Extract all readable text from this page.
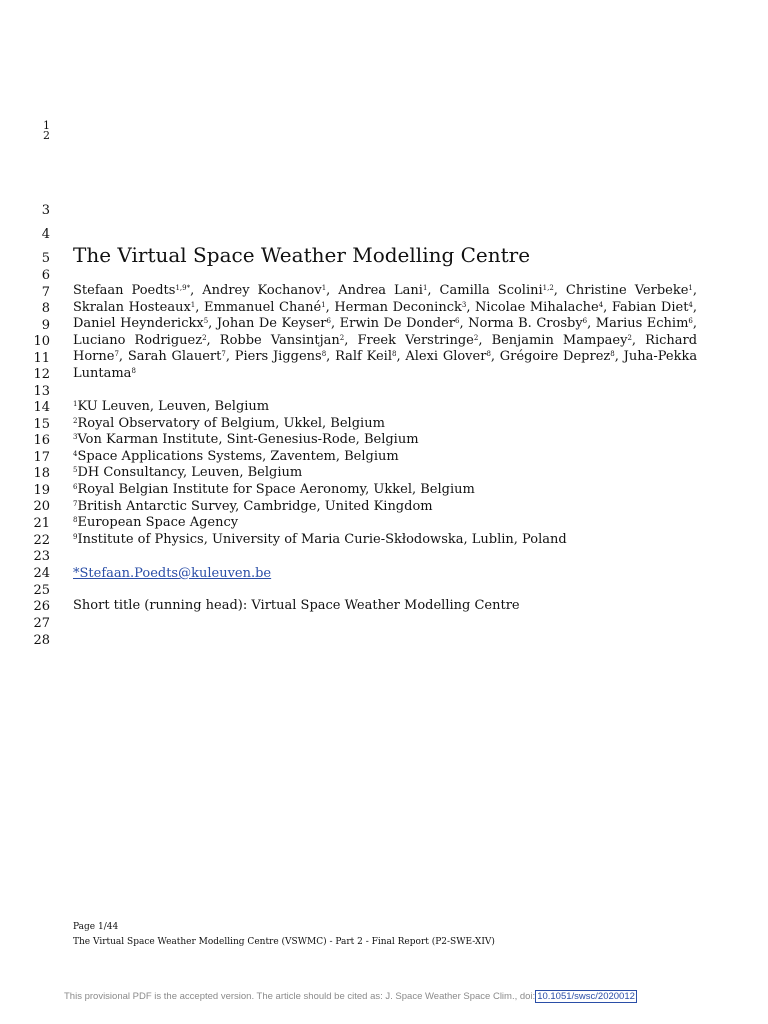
1
2
3
4
5
6
7
8
9
10
11
12
13
14
15
16
17
18
19
20
21
22
23
24
25
26
27
28
The Virtual Space Weather Modelling Centre
Stefaan Poedts$^{1,9*}$, Andrey Kochanov$^1$, Andrea Lani$^1$, Camilla Scolini$^{1,2}$, Christine Verbeke$^1$, Skralan Hosteaux$^1$, Emmanuel Chané$^1$, Herman Deconinck$^3$, Nicolae Mihalache$^4$, Fabian Diet$^4$, Daniel Heynderickx$^5$, Johan De Keyser$^6$, Erwin De Donder$^6$, Norma B. Crosby$^6$, Marius Echim$^6$, Luciano Rodriguez$^2$, Robbe Vansintjan$^2$, Freek Verstringe$^2$, Benjamin Mampaey$^2$, Richard Horne$^7$, Sarah Glauert$^7$, Piers Jiggens$^8$, Ralf Keil$^8$, Alexi Glover$^8$, Grégoire Deprez$^8$, Juha-Pekka Luntama$^8$
$^1$KU Leuven, Leuven, Belgium
$^2$Royal Observatory of Belgium, Ukkel, Belgium
$^3$Von Karman Institute, Sint-Genesius-Rode, Belgium
$^4$Space Applications Systems, Zaventem, Belgium
$^5$DH Consultancy, Leuven, Belgium
$^6$Royal Belgian Institute for Space Aeronomy, Ukkel, Belgium
$^7$British Antarctic Survey, Cambridge, United Kingdom
$^8$European Space Agency
$^9$Institute of Physics, University of Maria Curie-Skłodowska, Lublin, Poland
*Stefaan.Poedts@kuleuven.be
Short title (running head): Virtual Space Weather Modelling Centre
Page 1/44
The Virtual Space Weather Modelling Centre (VSWMC) - Part 2 - Final Report (P2-SWE-XIV)
This provisional PDF is the accepted version. The article should be cited as: J. Space Weather Space Clim., doi: 10.1051/swsc/2020012
